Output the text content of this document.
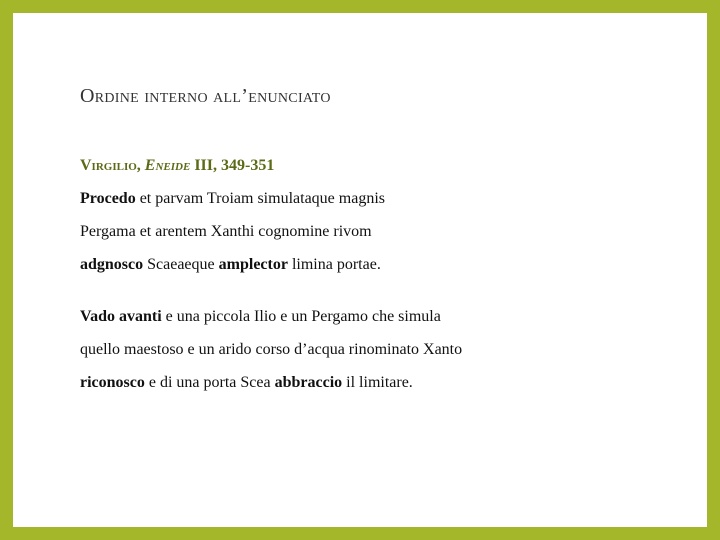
Ordine interno all’enunciato
Virgilio, Eneide III, 349-351
Procedo et parvam Troiam simulataque magnis
Pergama et arentem Xanthi cognomine rivom
adgnosco Scaeaeque amplector limina portae.
Vado avanti e una piccola Ilio e un Pergamo che simula
quello maestoso e un arido corso d’acqua rinominato Xanto
riconosco e di una porta Scea abbraccio il limitare.
